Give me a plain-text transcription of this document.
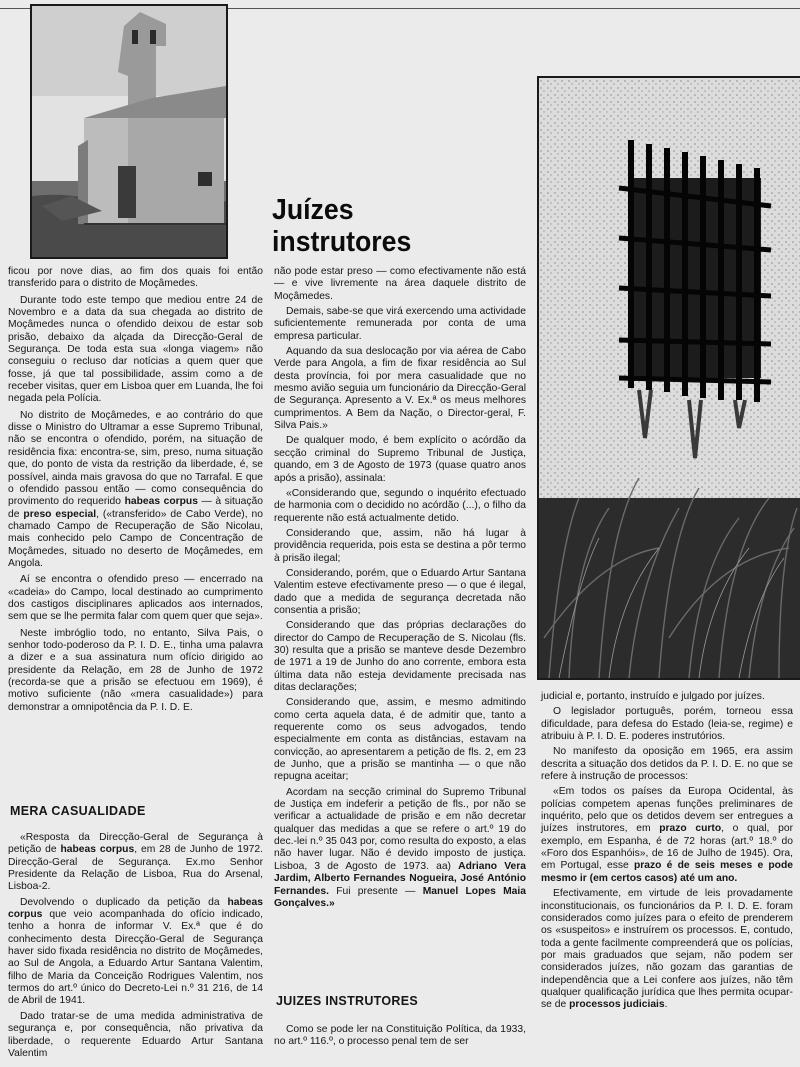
Juízes
instrutores

ficou por nove dias, ao fim dos quais foi então transferido para o distrito de Moçâmedes.

Durante todo este tempo que mediou entre 24 de Novembro e a data da sua chegada ao distrito de Moçâmedes nunca o ofendido deixou de estar sob prisão, debaixo da alçada da Direcção-Geral de Segurança. De toda esta sua «longa viagem» não conseguiu o recluso dar notícias a quem quer que fosse, já que tal possibilidade, assim como a de receber visitas, quer em Lisboa quer em Luanda, lhe foi negada pela Polícia.

No distrito de Moçâmedes, e ao contrário do que disse o Ministro do Ultramar a esse Supremo Tribunal, não se encontra o ofendido, porém, na situação de residência fixa: encontra-se, sim, preso, numa situação que, do ponto de vista da restrição da liberdade, é, se possível, ainda mais gravosa do que no Tarrafal. E que o ofendido passou então — como consequência do provimento do requerido habeas corpus — à situação de preso especial, («transferido» de Cabo Verde), no chamado Campo de Recuperação de São Nicolau, mais conhecido pelo Campo de Concentração de Moçâmedes, situado no deserto de Moçâmedes, em Angola.

Aí se encontra o ofendido preso — encerrado na «cadeia» do Campo, local destinado ao cumprimento dos castigos disciplinares aplicados aos internados, sem que se lhe permita falar com quem quer que seja».

Neste imbróglio todo, no entanto, Silva Pais, o senhor todo-poderoso da P. I. D. E., tinha uma palavra a dizer e a sua assinatura num ofício dirigido ao presidente da Relação, em 28 de Junho de 1972 (recorda-se que a prisão se efectuou em 1969), é motivo suficiente (não «mera casualidade») para demonstrar a omnipotência da P. I. D. E.

MERA CASUALIDADE

«Resposta da Direcção-Geral de Segurança à petição de habeas corpus, em 28 de Junho de 1972. Direcção-Geral de Segurança. Ex.mo Senhor Presidente da Relação de Lisboa, Rua do Arsenal, Lisboa-2.

Devolvendo o duplicado da petição da habeas corpus que veio acompanhada do ofício indicado, tenho a honra de informar V. Ex.ª que é do conhecimento desta Direcção-Geral de Segurança haver sido fixada residência no distrito de Moçâmedes, ao Sul de Angola, a Eduardo Artur Santana Valentim, filho de Maria da Conceição Rodrigues Valentim, nos termos do art.º único do Decreto-Lei n.º 31 216, de 14 de Abril de 1941.

Dado tratar-se de uma medida administrativa de segurança e, por consequência, não privativa da liberdade, o requerente Eduardo Artur Santana Valentim

não pode estar preso — como efectivamente não está — e vive livremente na área daquele distrito de Moçâmedes.

Demais, sabe-se que virá exercendo uma actividade suficientemente remunerada por conta de uma empresa particular.

Aquando da sua deslocação por via aérea de Cabo Verde para Angola, a fim de fixar residência ao Sul desta província, foi por mera casualidade que no mesmo avião seguia um funcionário da Direcção-Geral de Segurança. Apresento a V. Ex.ª os meus melhores cumprimentos. A Bem da Nação, o Director-geral, F. Silva Pais.»

De qualquer modo, é bem explícito o acórdão da secção criminal do Supremo Tribunal de Justiça, quando, em 3 de Agosto de 1973 (quase quatro anos após a prisão), assinala:

«Considerando que, segundo o inquérito efectuado de harmonia com o decidido no acórdão (...), o filho da requerente não está actualmente detido.

Considerando que, assim, não há lugar à providência requerida, pois esta se destina a pôr termo à prisão ilegal;

Considerando, porém, que o Eduardo Artur Santana Valentim esteve efectivamente preso — o que é ilegal, dado que a medida de segurança decretada não consentia a prisão;

Considerando que das próprias declarações do director do Campo de Recuperação de S. Nicolau (fls. 30) resulta que a prisão se manteve desde Dezembro de 1971 a 19 de Junho do ano corrente, embora esta última data não esteja devidamente precisada nas ditas declarações;

Considerando que, assim, e mesmo admitindo como certa aquela data, é de admitir que, tanto a requerente como os seus advogados, tendo especialmente em conta as distâncias, estavam na convicção, ao apresentarem a petição de fls. 2, em 23 de Junho, que a prisão se mantinha — o que não repugna aceitar;

Acordam na secção criminal do Supremo Tribunal de Justiça em indeferir a petição de fls., por não se verificar a actualidade de prisão e em não decretar qualquer das medidas a que se refere o art.º 19 do dec.-lei n.º 35 043 por, como resulta do exposto, a elas não haver lugar. Não é devido imposto de justiça. Lisboa, 3 de Agosto de 1973. aa) Adriano Vera Jardim, Alberto Fernandes Nogueira, José António Fernandes. Fui presente — Manuel Lopes Maia Gonçalves.»

JUIZES INSTRUTORES

Como se pode ler na Constituição Política, da 1933, no art.º 116.º, o processo penal tem de ser

judicial e, portanto, instruído e julgado por juízes.

O legislador português, porém, torneou essa dificuldade, para defesa do Estado (leia-se, regime) e atribuiu à P. I. D. E. poderes instrutórios.

No manifesto da oposição em 1965, era assim descrita a situação dos detidos da P. I. D. E. no que se refere à instrução de processos:

«Em todos os países da Europa Ocidental, às polícias competem apenas funções preliminares de inquérito, pelo que os detidos devem ser entregues a juízes instrutores, em prazo curto, o qual, por exemplo, em Espanha, é de 72 horas (art.º 18.º do «Foro dos Espanhóis», de 16 de Julho de 1945). Ora, em Portugal, esse prazo é de seis meses e pode mesmo ir (em certos casos) até um ano.

Efectivamente, em virtude de leis provadamente inconstitucionais, os funcionários da P. I. D. E. foram considerados como juízes para o efeito de prenderem os «suspeitos» e instruírem os processos. E, contudo, toda a gente facilmente compreenderá que os polícias, por mais graduados que sejam, não podem ser considerados juízes, não gozam das garantias de independência que a Lei confere aos juízes, não têm qualquer qualificação jurídica que lhes permita ocupar-se de processos judiciais.
